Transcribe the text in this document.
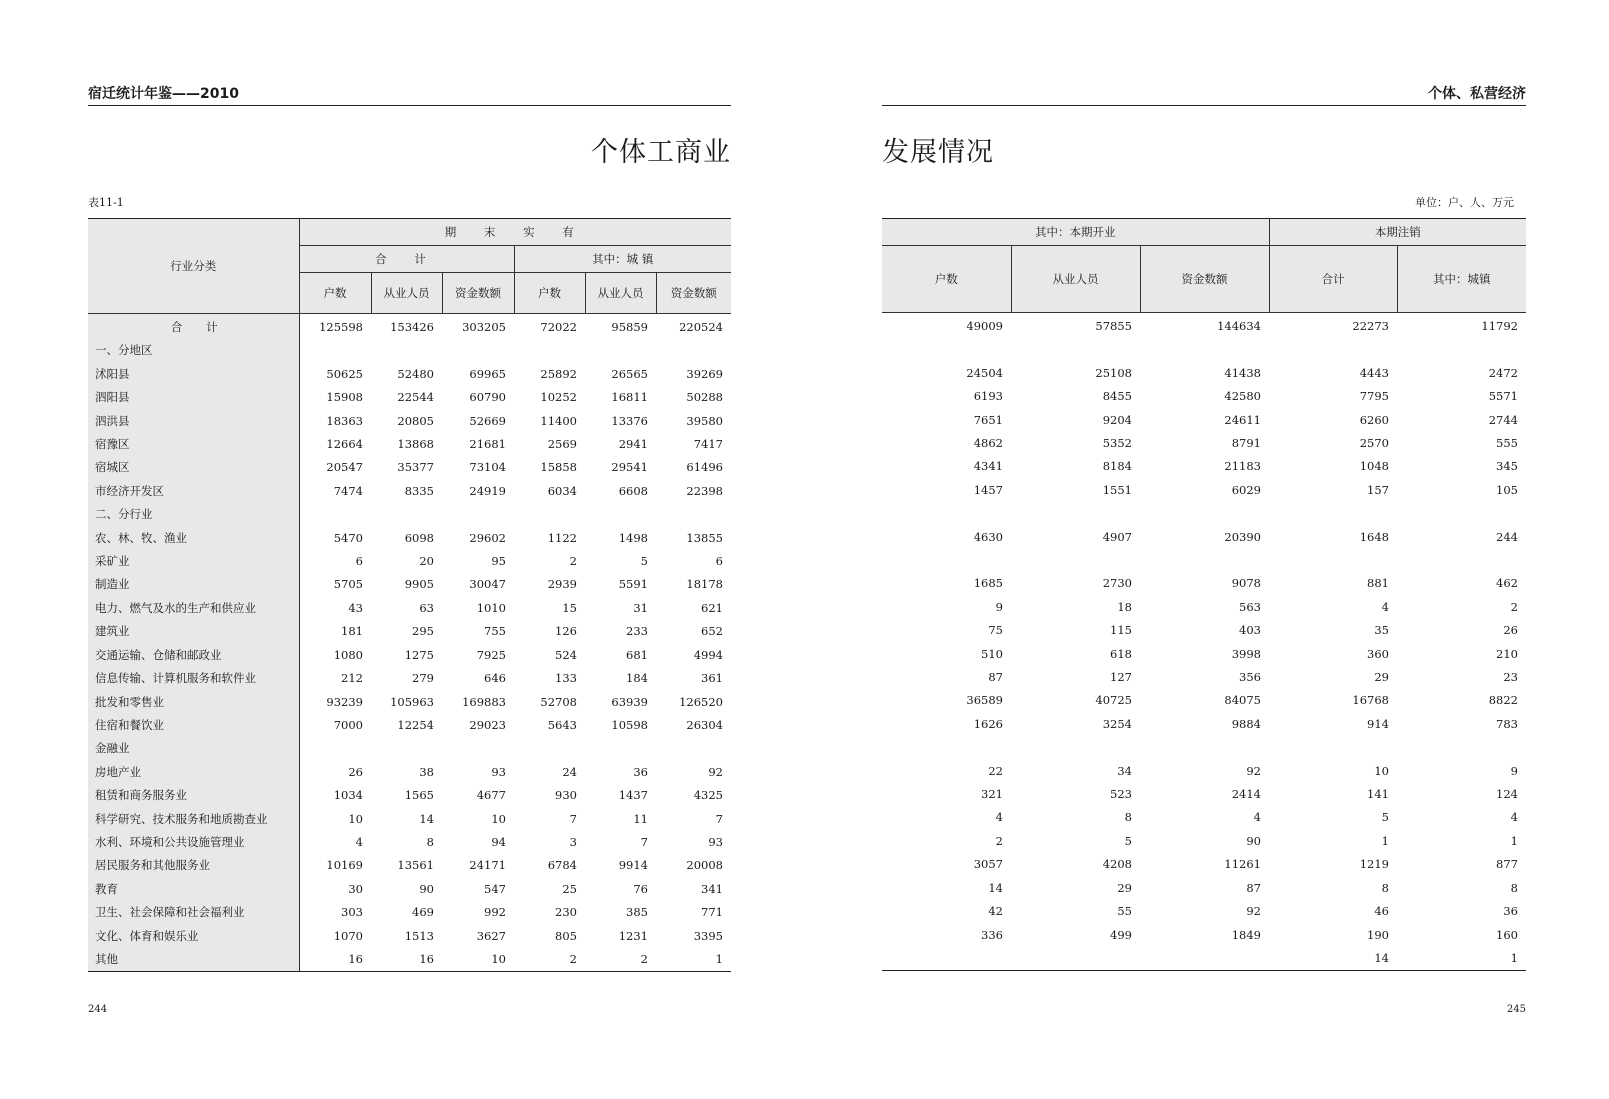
宿迁统计年鉴——2010
个体工商业
表11-1
行业分类	期 末 实 有					
	合 计			其中：城 镇		
	户数	从业人员	资金数额	户数	从业人员	资金数额
合 计	125598	153426	303205	72022	95859	220524
一、分地区						
沭阳县	50625	52480	69965	25892	26565	39269
泗阳县	15908	22544	60790	10252	16811	50288
泗洪县	18363	20805	52669	11400	13376	39580
宿豫区	12664	13868	21681	2569	2941	7417
宿城区	20547	35377	73104	15858	29541	61496
市经济开发区	7474	8335	24919	6034	6608	22398
二、分行业						
农、林、牧、渔业	5470	6098	29602	1122	1498	13855
采矿业	6	20	95	2	5	6
制造业	5705	9905	30047	2939	5591	18178
电力、燃气及水的生产和供应业	43	63	1010	15	31	621
建筑业	181	295	755	126	233	652
交通运输、仓储和邮政业	1080	1275	7925	524	681	4994
信息传输、计算机服务和软件业	212	279	646	133	184	361
批发和零售业	93239	105963	169883	52708	63939	126520
住宿和餐饮业	7000	12254	29023	5643	10598	26304
金融业						
房地产业	26	38	93	24	36	92
租赁和商务服务业	1034	1565	4677	930	1437	4325
科学研究、技术服务和地质勘查业	10	14	10	7	11	7
水利、环境和公共设施管理业	4	8	94	3	7	93
居民服务和其他服务业	10169	13561	24171	6784	9914	20008
教育	30	90	547	25	76	341
卫生、社会保障和社会福利业	303	469	992	230	385	771
文化、体育和娱乐业	1070	1513	3627	805	1231	3395
其他	16	16	10	2	2	1
244
个体、私营经济
发展情况
单位：户、人、万元
其中：本期开业			本期注销	
户数	从业人员	资金数额	合计	其中：城镇
49009	57855	144634	22273	11792

24504	25108	41438	4443	2472
6193	8455	42580	7795	5571
7651	9204	24611	6260	2744
4862	5352	8791	2570	555
4341	8184	21183	1048	345
1457	1551	6029	157	105

4630	4907	20390	1648	244

1685	2730	9078	881	462
9	18	563	4	2
75	115	403	35	26
510	618	3998	360	210
87	127	356	29	23
36589	40725	84075	16768	8822
1626	3254	9884	914	783

22	34	92	10	9
321	523	2414	141	124
4	8	4	5	4
2	5	90	1	1
3057	4208	11261	1219	877
14	29	87	8	8
42	55	92	46	36
336	499	1849	190	160
			14	1
245
